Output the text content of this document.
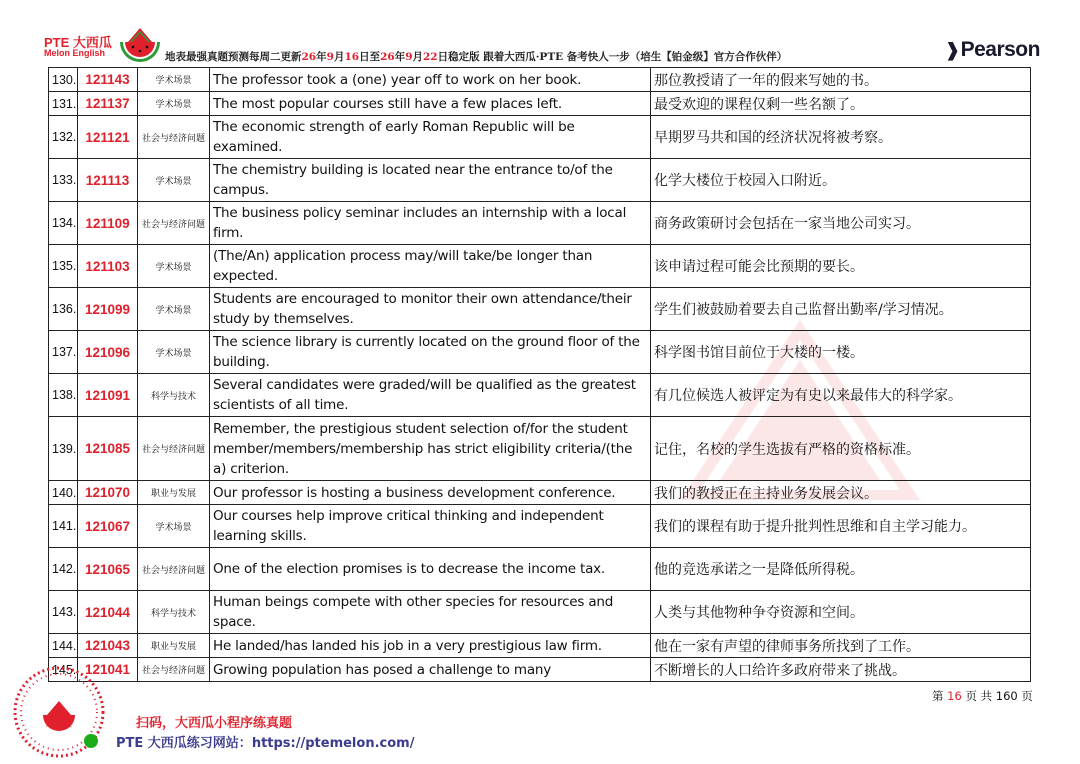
PTE 大西瓜
Melon English	地表最强真题预测每周二更新26年9月16日至26年9月22日稳定版 跟着大西瓜·PTE 备考快人一步（培生【铂金级】官方合作伙伴）	❱Pearson
130.	121143	学术场景	The professor took a (one) year off to work on her book.	那位教授请了一年的假来写她的书。
131.	121137	学术场景	The most popular courses still have a few places left.	最受欢迎的课程仅剩一些名额了。
132.	121121	社会与经济问题	The economic strength of early Roman Republic will be examined.	早期罗马共和国的经济状况将被考察。
133.	121113	学术场景	The chemistry building is located near the entrance to/of the campus.	化学大楼位于校园入口附近。
134.	121109	社会与经济问题	The business policy seminar includes an internship with a local firm.	商务政策研讨会包括在一家当地公司实习。
135.	121103	学术场景	(The/An) application process may/will take/be longer than expected.	该申请过程可能会比预期的要长。
136.	121099	学术场景	Students are encouraged to monitor their own attendance/their study by themselves.	学生们被鼓励着要去自己监督出勤率/学习情况。
137.	121096	学术场景	The science library is currently located on the ground floor of the building.	科学图书馆目前位于大楼的一楼。
138.	121091	科学与技术	Several candidates were graded/will be qualified as the greatest scientists of all time.	有几位候选人被评定为有史以来最伟大的科学家。
139.	121085	社会与经济问题	Remember, the prestigious student selection of/for the student member/members/membership has strict eligibility criteria/(the a) criterion.	记住，名校的学生选拔有严格的资格标准。
140.	121070	职业与发展	Our professor is hosting a business development conference.	我们的教授正在主持业务发展会议。
141.	121067	学术场景	Our courses help improve critical thinking and independent learning skills.	我们的课程有助于提升批判性思维和自主学习能力。
142.	121065	社会与经济问题	One of the election promises is to decrease the income tax.	他的竞选承诺之一是降低所得税。
143.	121044	科学与技术	Human beings compete with other species for resources and space.	人类与其他物种争夺资源和空间。
144.	121043	职业与发展	He landed/has landed his job in a very prestigious law firm.	他在一家有声望的律师事务所找到了工作。
145.	121041	社会与经济问题	Growing population has posed a challenge to many	不断增长的人口给许多政府带来了挑战。
第 16 页 共 160 页
PTE 大西瓜	扫码，大西瓜小程序练真题
PTE 大西瓜练习网站：https://ptemelon.com/
